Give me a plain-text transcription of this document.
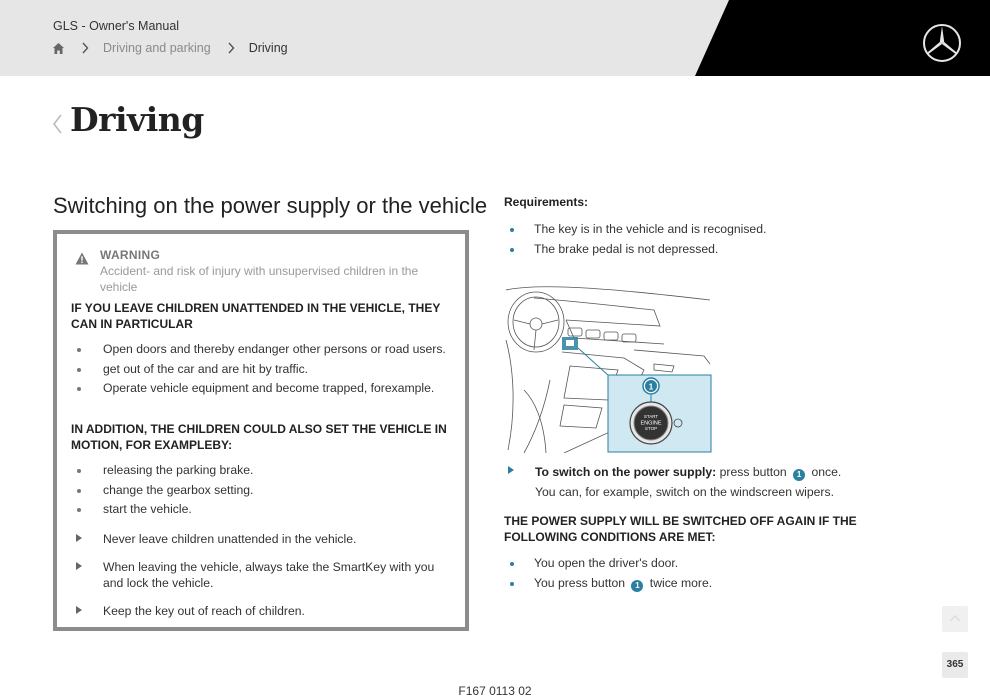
GLS - Owner's Manual
Driving and parking	Driving
Driving
Switching on the power supply or the vehicle
WARNING
Accident- and risk of injury with unsupervised children in the vehicle
IF YOU LEAVE CHILDREN UNATTENDED IN THE VEHICLE, THEY CAN IN PARTICULAR
Open doors and thereby endanger other persons or road users.
get out of the car and are hit by traffic.
Operate vehicle equipment and become trapped, forexample.
IN ADDITION, THE CHILDREN COULD ALSO SET THE VEHICLE IN MOTION, FOR EXAMPLEBY:
releasing the parking brake.
change the gearbox setting.
start the vehicle.
Never leave children unattended in the vehicle.
When leaving the vehicle, always take the SmartKey with you and lock the vehicle.
Keep the key out of reach of children.
Requirements:
The key is in the vehicle and is recognised.
The brake pedal is not depressed.
1
START
ENGINE
STOP
To switch on the power supply: press button 1 once.
You can, for example, switch on the windscreen wipers.
THE POWER SUPPLY WILL BE SWITCHED OFF AGAIN IF THE FOLLOWING CONDITIONS ARE MET:
You open the driver's door.
You press button 1 twice more.
365
F167 0113 02
